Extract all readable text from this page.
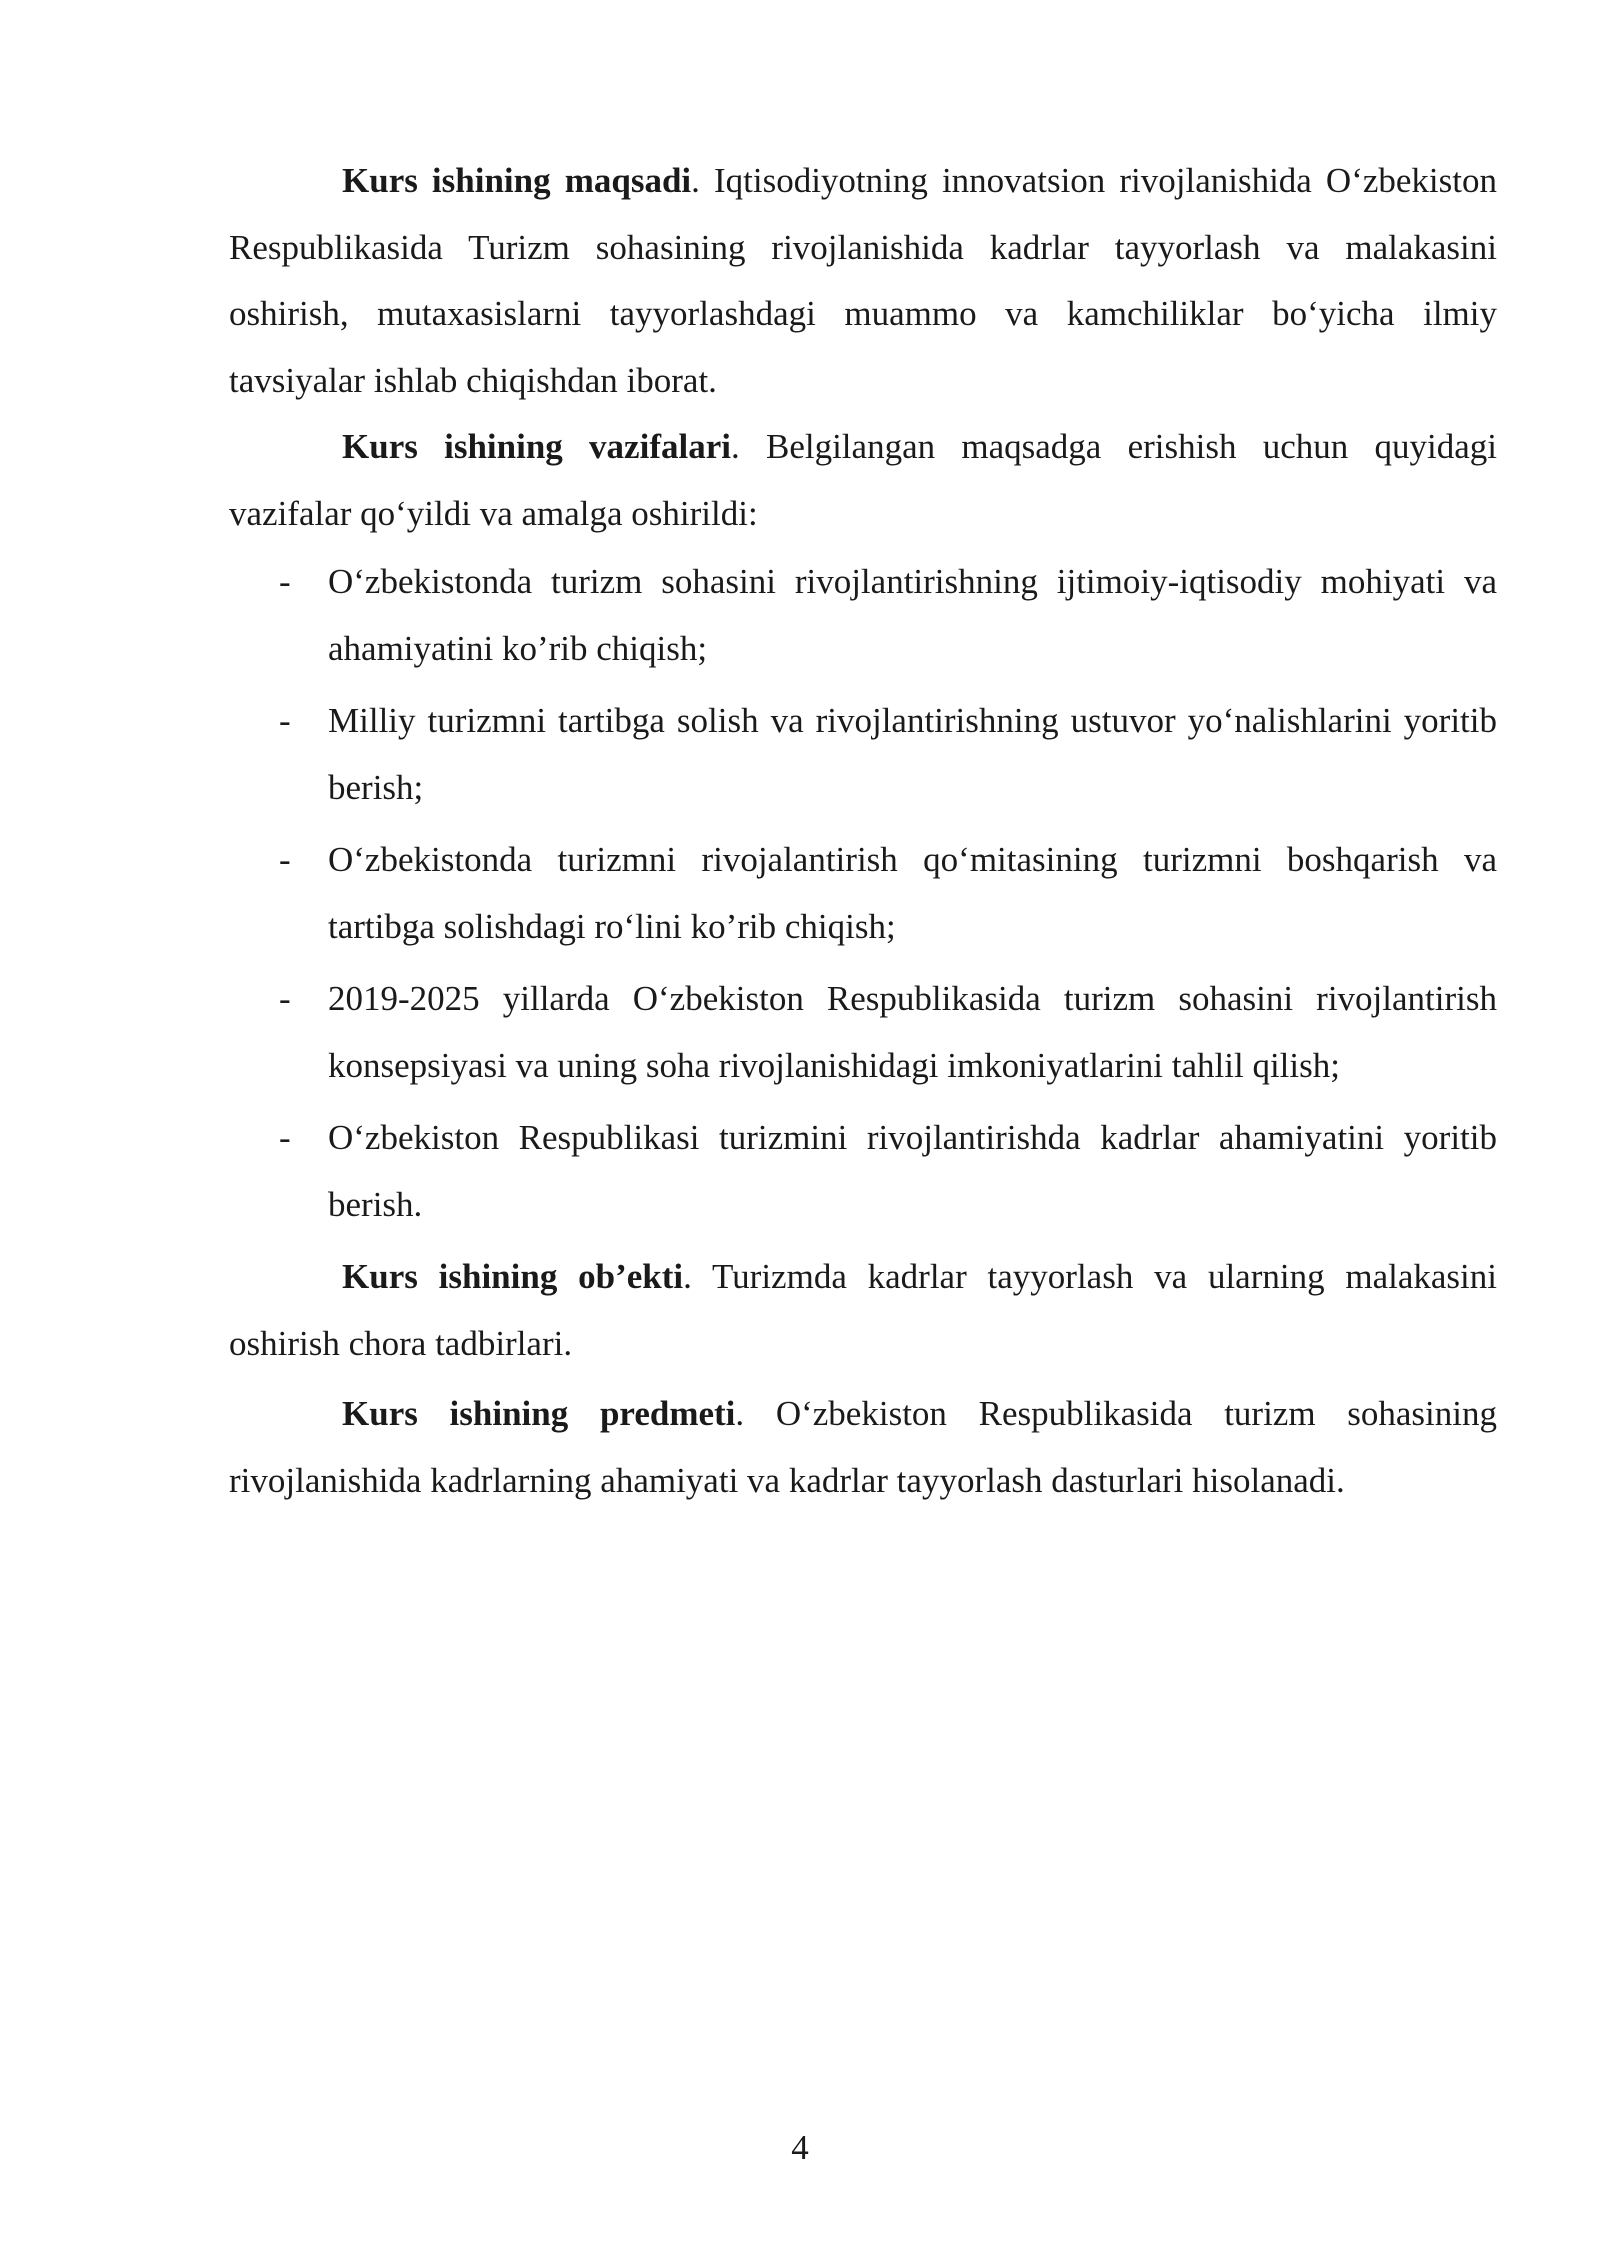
Kurs ishining maqsadi. Iqtisodiyotning innovatsion rivojlanishida O‘zbekiston Respublikasida Turizm sohasining rivojlanishida kadrlar tayyorlash va malakasini oshirish, mutaxasislarni tayyorlashdagi muammo va kamchiliklar bo‘yicha ilmiy tavsiyalar ishlab chiqishdan iborat.

Kurs ishining vazifalari. Belgilangan maqsadga erishish uchun quyidagi vazifalar qo‘yildi va amalga oshirildi:

- O‘zbekistonda turizm sohasini rivojlantirishning ijtimoiy-iqtisodiy mohiyati va ahamiyatini ko’rib chiqish;
- Milliy turizmni tartibga solish va rivojlantirishning ustuvor yo‘nalishlarini yoritib berish;
- O‘zbekistonda turizmni rivojalantirish qo‘mitasining turizmni boshqarish va tartibga solishdagi ro‘lini ko’rib chiqish;
- 2019-2025 yillarda O‘zbekiston Respublikasida turizm sohasini rivojlantirish konsepsiyasi va uning soha rivojlanishidagi imkoniyatlarini tahlil qilish;
- O‘zbekiston Respublikasi turizmini rivojlantirishda kadrlar ahamiyatini yoritib berish.

Kurs ishining ob’ekti. Turizmda kadrlar tayyorlash va ularning malakasini oshirish chora tadbirlari.

Kurs ishining predmeti. O‘zbekiston Respublikasida turizm sohasining rivojlanishida kadrlarning ahamiyati va kadrlar tayyorlash dasturlari hisolanadi.

4
